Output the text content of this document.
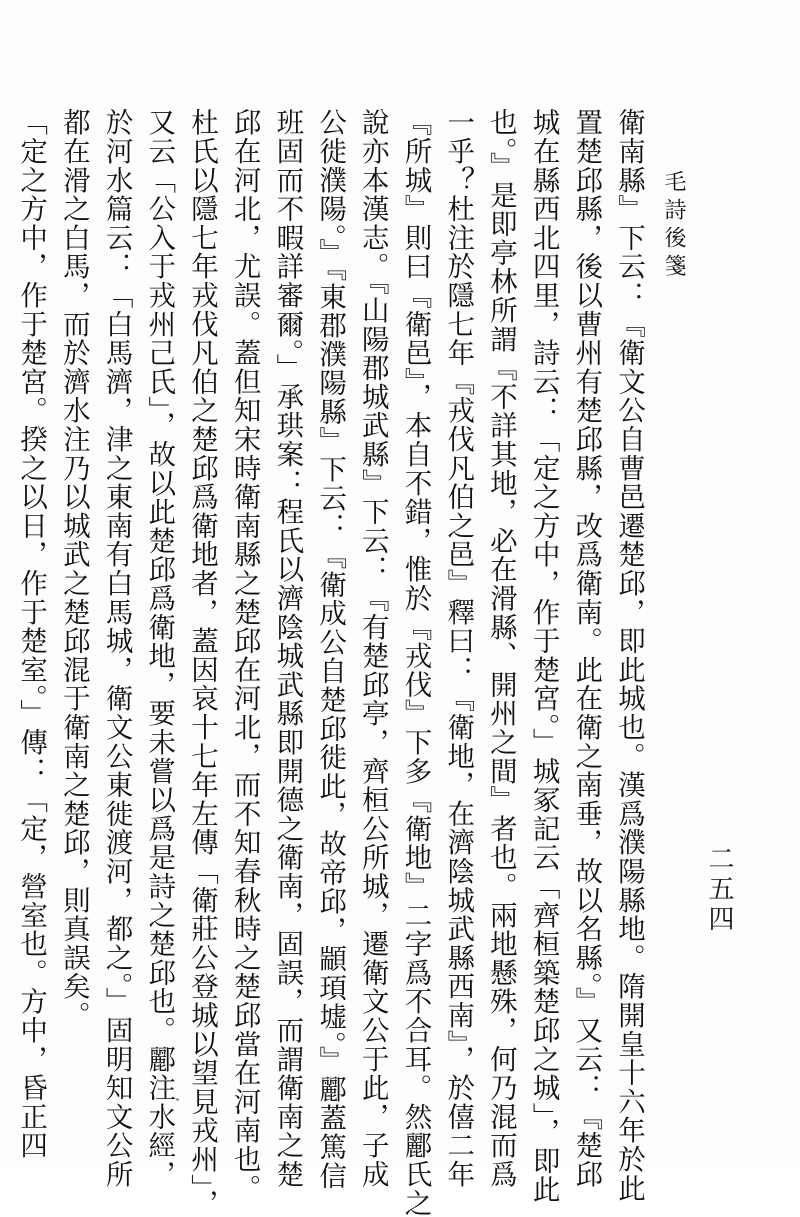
毛詩後箋
二五四
衛南縣』下云：『衛文公自曹邑遷楚邱，即此城也。漢爲濮陽縣地。隋開皇十六年於此
置楚邱縣，後以曹州有楚邱縣，改爲衛南。此在衛之南垂，故以名縣。』又云：『楚邱
城在縣西北四里，詩云：「定之方中，作于楚宮。」城冢記云「齊桓築楚邱之城」，即此
也。』是即亭林所謂『不詳其地，必在滑縣、開州之間』者也。兩地懸殊，何乃混而爲
一乎？杜注於隱七年『戎伐凡伯之邑』釋曰：『衛地，在濟陰城武縣西南』，於僖二年
『所城』則曰『衛邑』，本自不錯，惟於『戎伐』下多『衛地』二字爲不合耳。然酈氏之
說亦本漢志。『山陽郡城武縣』下云：『有楚邱亭，齊桓公所城，遷衛文公于此，子成
公徙濮陽。』『東郡濮陽縣』下云：『衛成公自楚邱徙此，故帝邱，顓頊墟。』酈蓋篤信
班固而不暇詳審爾。」承珙案：程氏以濟陰城武縣即開德之衛南，固誤，而謂衛南之楚
邱在河北，尤誤。蓋但知宋時衛南縣之楚邱在河北，而不知春秋時之楚邱當在河南也。
杜氏以隱七年戎伐凡伯之楚邱爲衛地者，蓋因哀十七年左傳「衛莊公登城以望見戎州」，
又云「公入于戎州己氏」，故以此楚邱爲衛地，要未嘗以爲是詩之楚邱也。酈注水經，
於河水篇云：「白馬濟，津之東南有白馬城，衛文公東徙渡河，都之。」固明知文公所
都在滑之白馬，而於濟水注乃以城武之楚邱混于衛南之楚邱，則真誤矣。
「定之方中，作于楚宮。揆之以日，作于楚室。」傳：「定，營室也。方中，昏正四
